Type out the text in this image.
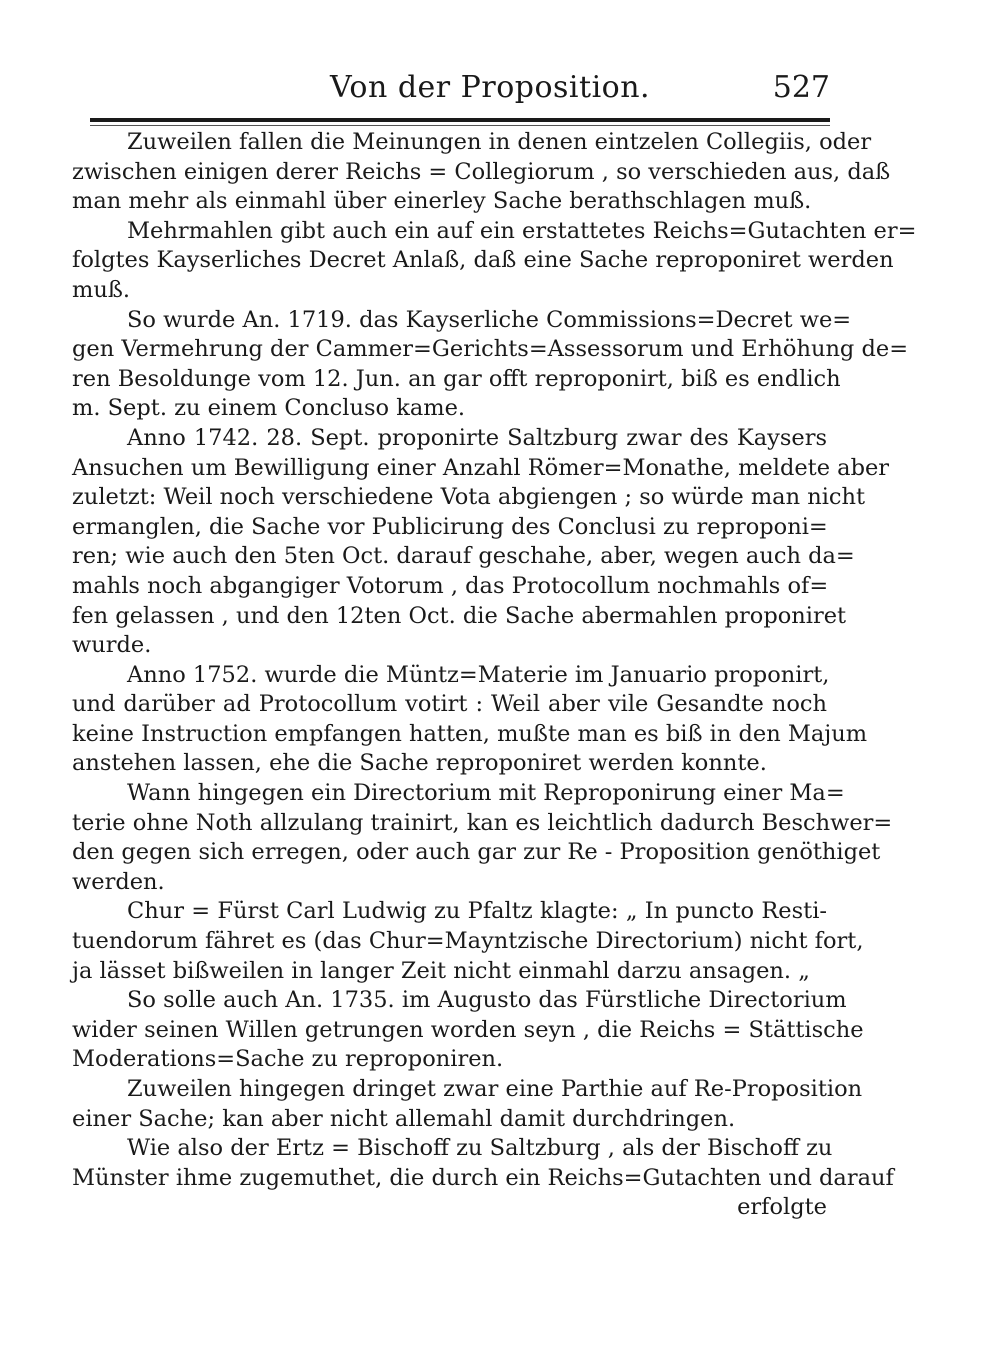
Von der Proposition.	527

Zuweilen fallen die Meinungen in denen eintzelen Collegiis, oder
zwischen einigen derer Reichs = Collegiorum , so verschieden aus, daß
man mehr als einmahl über einerley Sache berathschlagen muß.

Mehrmahlen gibt auch ein auf ein erstattetes Reichs=Gutachten er=
folgtes Kayserliches Decret Anlaß, daß eine Sache reproponiret werden
muß.

So wurde An. 1719. das Kayserliche Commissions=Decret we=
gen Vermehrung der Cammer=Gerichts=Assessorum und Erhöhung de=
ren Besoldunge vom 12. Jun. an gar offt reproponirt, biß es endlich
m. Sept. zu einem Concluso kame.

Anno 1742. 28. Sept. proponirte Saltzburg zwar des Kaysers
Ansuchen um Bewilligung einer Anzahl Römer=Monathe, meldete aber
zuletzt: Weil noch verschiedene Vota abgiengen ; so würde man nicht
ermanglen, die Sache vor Publicirung des Conclusi zu reproponi=
ren; wie auch den 5ten Oct. darauf geschahe, aber, wegen auch da=
mahls noch abgangiger Votorum , das Protocollum nochmahls of=
fen gelassen , und den 12ten Oct. die Sache abermahlen proponiret
wurde.

Anno 1752. wurde die Müntz=Materie im Januario proponirt,
und darüber ad Protocollum votirt : Weil aber vile Gesandte noch
keine Instruction empfangen hatten, mußte man es biß in den Majum
anstehen lassen, ehe die Sache reproponiret werden konnte.

Wann hingegen ein Directorium mit Reproponirung einer Ma=
terie ohne Noth allzulang trainirt, kan es leichtlich dadurch Beschwer=
den gegen sich erregen, oder auch gar zur Re - Proposition genöthiget
werden.

Chur = Fürst Carl Ludwig zu Pfaltz klagte: „ In puncto Resti-
tuendorum fähret es (das Chur=Mayntzische Directorium) nicht fort,
ja lässet bißweilen in langer Zeit nicht einmahl darzu ansagen. „

So solle auch An. 1735. im Augusto das Fürstliche Directorium
wider seinen Willen getrungen worden seyn , die Reichs = Stättische
Moderations=Sache zu reproponiren.

Zuweilen hingegen dringet zwar eine Parthie auf Re-Proposition
einer Sache; kan aber nicht allemahl damit durchdringen.

Wie also der Ertz = Bischoff zu Saltzburg , als der Bischoff zu
Münster ihme zugemuthet, die durch ein Reichs=Gutachten und darauf

erfolgte
